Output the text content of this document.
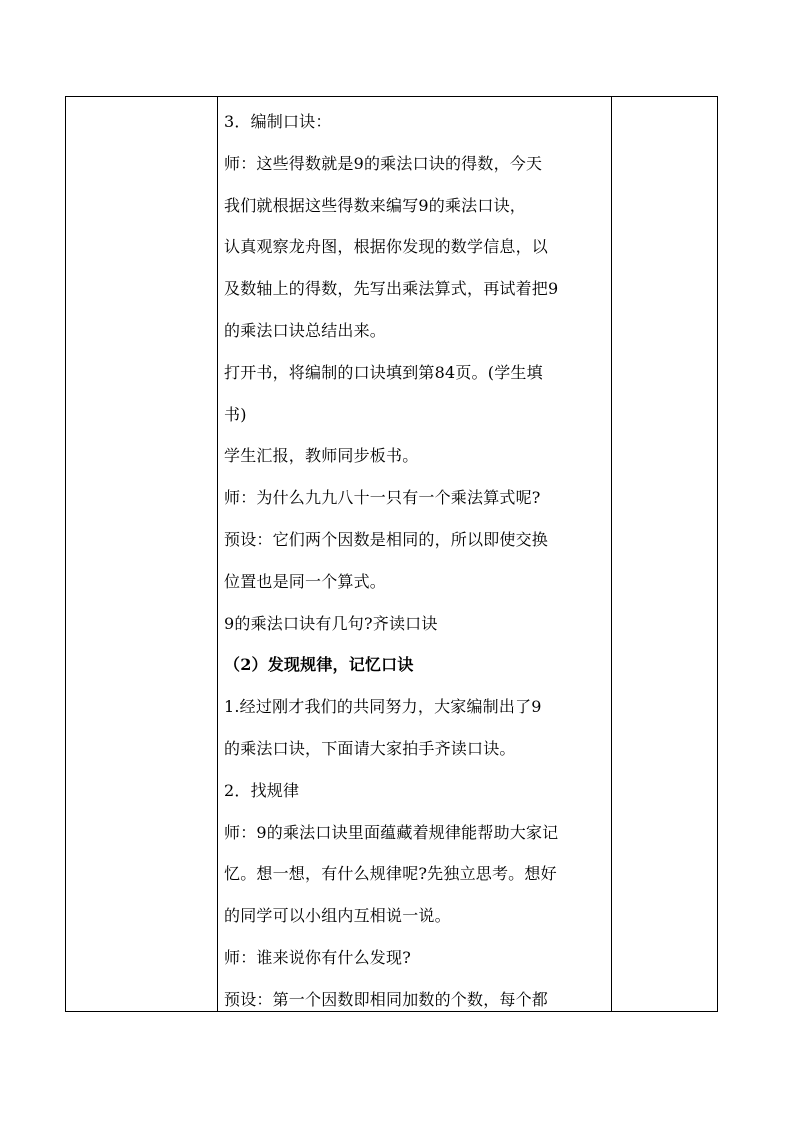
3．编制口诀：

师：这些得数就是9的乘法口诀的得数，今天

我们就根据这些得数来编写9的乘法口诀，

认真观察龙舟图，根据你发现的数学信息，以

及数轴上的得数，先写出乘法算式，再试着把9

的乘法口诀总结出来。

打开书，将编制的口诀填到第84页。(学生填

书)

学生汇报，教师同步板书。

师：为什么九九八十一只有一个乘法算式呢?

预设：它们两个因数是相同的，所以即使交换

位置也是同一个算式。

9的乘法口诀有几句?齐读口诀

（2）发现规律，记忆口诀

1.经过刚才我们的共同努力，大家编制出了9

的乘法口诀，下面请大家拍手齐读口诀。

2．找规律

师：9的乘法口诀里面蕴藏着规律能帮助大家记

忆。想一想，有什么规律呢?先独立思考。想好

的同学可以小组内互相说一说。

师：谁来说你有什么发现?

预设：第一个因数即相同加数的个数，每个都
